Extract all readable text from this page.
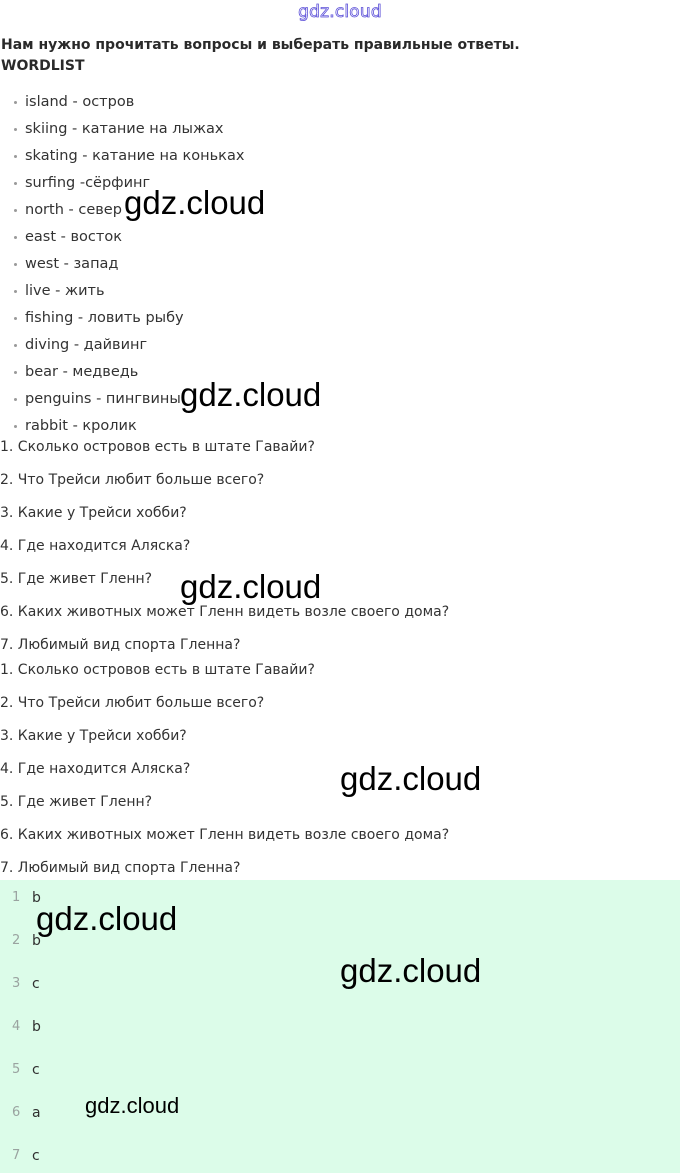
gdz.cloud
Нам нужно прочитать вопросы и выберать правильные ответы.
WORDLIST
island - остров
skiing - катание на лыжах
skating - катание на коньках
surfing -сёрфинг
north - север
east - восток
west - запад
live - жить
fishing - ловить рыбу
diving - дайвинг
bear - медведь
penguins - пингвины
rabbit - кролик
1. Сколько островов есть в штате Гавайи?
2. Что Трейси любит больше всего?
3. Какие у Трейси хобби?
4. Где находится Аляска?
5. Где живет Гленн?
6. Каких животных может Гленн видеть возле своего дома?
7. Любимый вид спорта Гленна?
1. Сколько островов есть в штате Гавайи?
2. Что Трейси любит больше всего?
3. Какие у Трейси хобби?
4. Где находится Аляска?
5. Где живет Гленн?
6. Каких животных может Гленн видеть возле своего дома?
7. Любимый вид спорта Гленна?
1 b
2 b
3 c
4 b
5 c
6 a
7 c
gdz.cloud
gdz.cloud
gdz.cloud
gdz.cloud
gdz.cloud
gdz.cloud
gdz.cloud
